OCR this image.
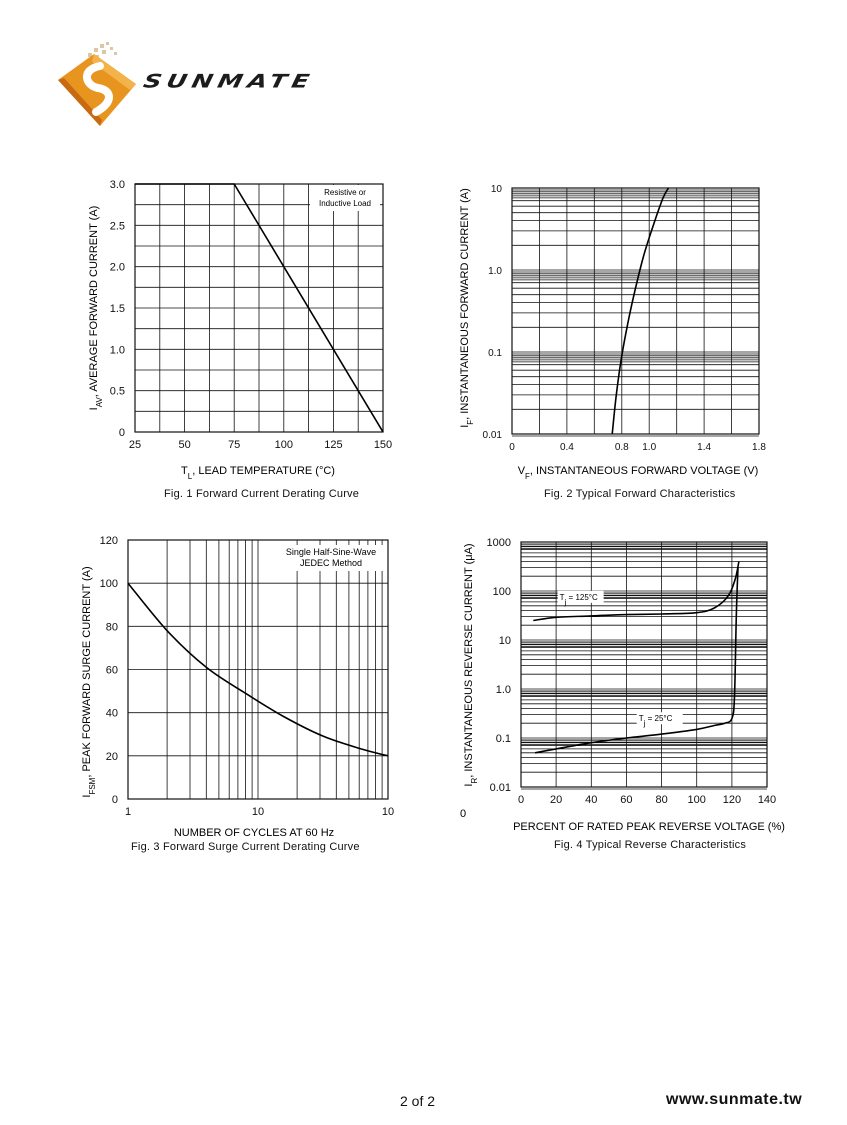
SUNMATE
25	50	75	100	125	150
0
0.5
1.0
1.5
2.0
2.5
3.0
$T_L$, LEAD TEMPERATURE (°C)
$I_{AV}$, AVERAGE FORWARD CURRENT (A)
Resistive or
Inductive Load
Fig. 1 Forward Current Derating Curve
0	0.4	0.8 1.0	1.4	1.8
0.01
0.1
1.0
10
$V_F$, INSTANTANEOUS FORWARD VOLTAGE (V)
$I_F$, INSTANTANEOUS FORWARD CURRENT (A)
Fig. 2 Typical Forward Characteristics
1	10	10
0
20
40
60
80
100
120
NUMBER OF CYCLES AT 60 Hz
$I_{FSM}$, PEAK FORWARD SURGE CURRENT (A)
Single Half-Sine-Wave
JEDEC Method
Fig. 3 Forward Surge Current Derating Curve
0 20 40 60 80 100 120 140
0.01
0.1
1.0
10
100
1000
PERCENT OF RATED PEAK REVERSE VOLTAGE (%)
$I_R$, INSTANTANEOUS REVERSE CURRENT (μA)
0
$T_j = 125^\circ C$
$T_j = 25^\circ C$
Fig. 4 Typical Reverse Characteristics
2 of 2	www.sunmate.tw
